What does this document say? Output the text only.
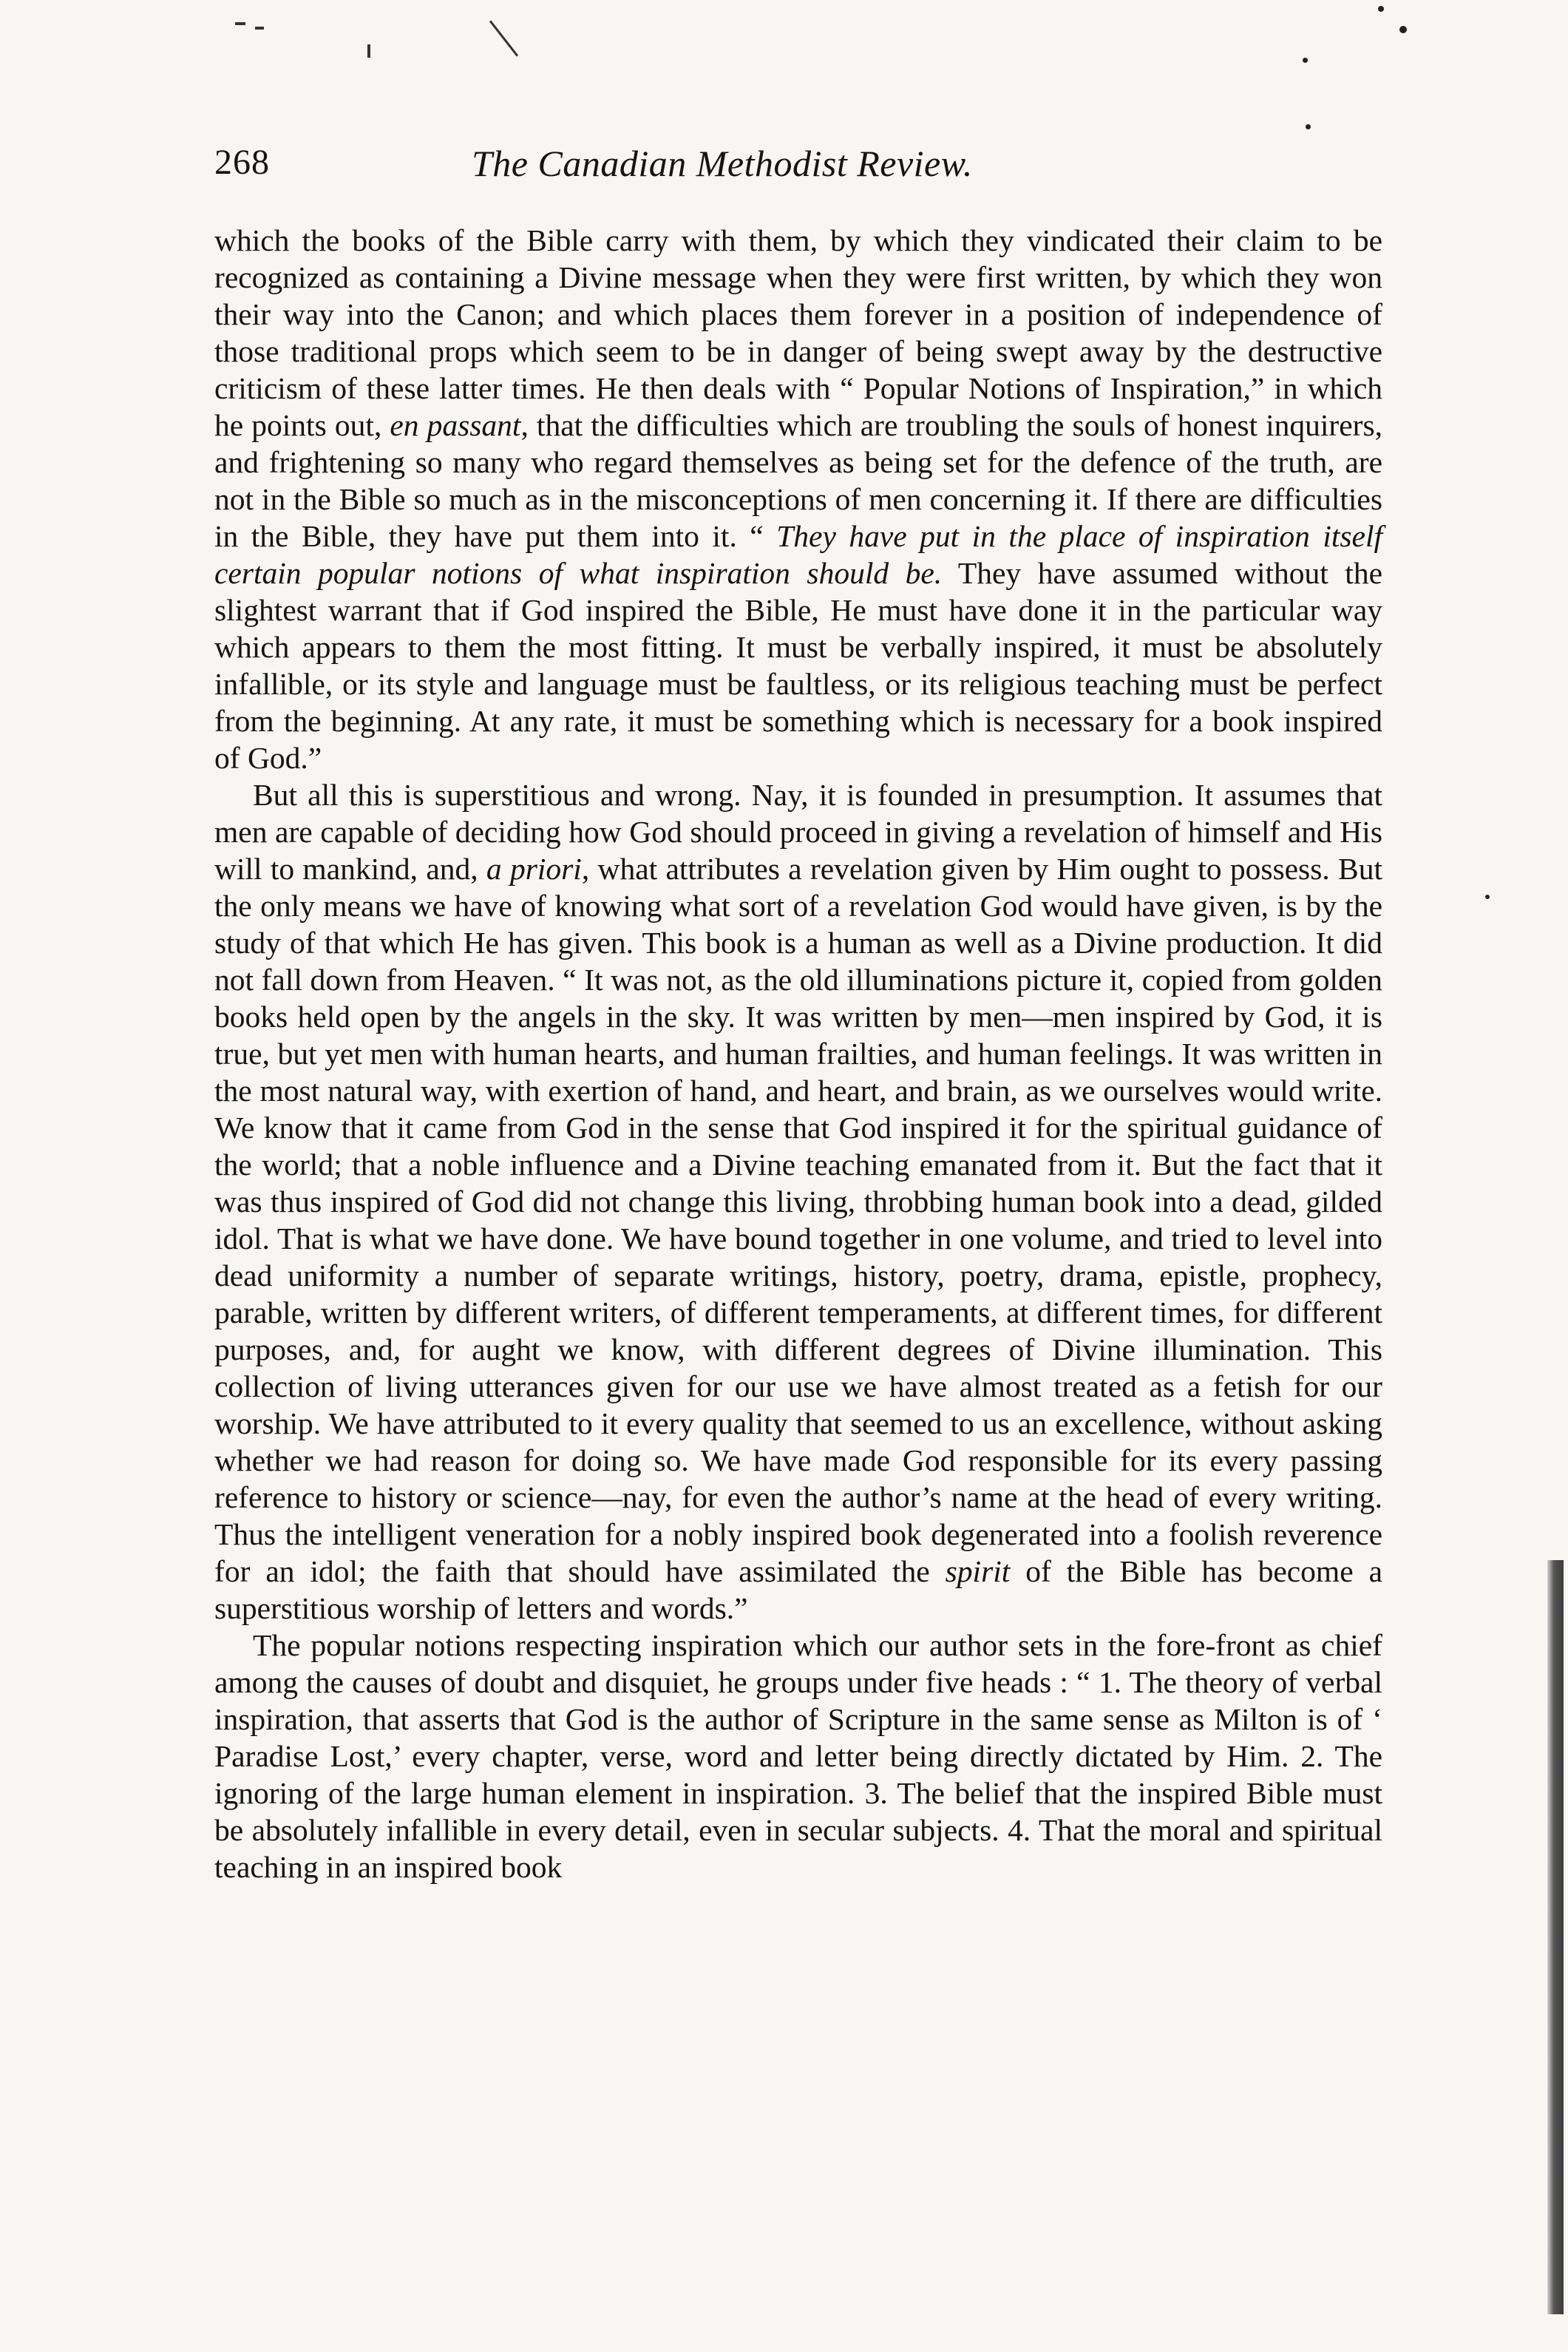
268	The Canadian Methodist Review.

which the books of the Bible carry with them, by which they vindicated their claim to be recognized as containing a Divine message when they were first written, by which they won their way into the Canon; and which places them forever in a position of independence of those traditional props which seem to be in danger of being swept away by the destructive criticism of these latter times. He then deals with “ Popular Notions of Inspiration,” in which he points out, en passant, that the difficulties which are troubling the souls of honest inquirers, and frightening so many who regard themselves as being set for the defence of the truth, are not in the Bible so much as in the misconceptions of men concerning it. If there are difficulties in the Bible, they have put them into it. “ They have put in the place of inspiration itself certain popular notions of what inspiration should be. They have assumed without the slightest warrant that if God inspired the Bible, He must have done it in the particular way which appears to them the most fitting. It must be verbally inspired, it must be absolutely infallible, or its style and language must be faultless, or its religious teaching must be perfect from the beginning. At any rate, it must be something which is necessary for a book inspired of God.”

But all this is superstitious and wrong. Nay, it is founded in presumption. It assumes that men are capable of deciding how God should proceed in giving a revelation of himself and His will to mankind, and, a priori, what attributes a revelation given by Him ought to possess. But the only means we have of knowing what sort of a revelation God would have given, is by the study of that which He has given. This book is a human as well as a Divine production. It did not fall down from Heaven. “ It was not, as the old illuminations picture it, copied from golden books held open by the angels in the sky. It was written by men—men inspired by God, it is true, but yet men with human hearts, and human frailties, and human feelings. It was written in the most natural way, with exertion of hand, and heart, and brain, as we ourselves would write. We know that it came from God in the sense that God inspired it for the spiritual guidance of the world; that a noble influence and a Divine teaching emanated from it. But the fact that it was thus inspired of God did not change this living, throbbing human book into a dead, gilded idol. That is what we have done. We have bound together in one volume, and tried to level into dead uniformity a number of separate writings, history, poetry, drama, epistle, prophecy, parable, written by different writers, of different temperaments, at different times, for different purposes, and, for aught we know, with different degrees of Divine illumination. This collection of living utterances given for our use we have almost treated as a fetish for our worship. We have attributed to it every quality that seemed to us an excellence, without asking whether we had reason for doing so. We have made God responsible for its every passing reference to history or science—nay, for even the author’s name at the head of every writing. Thus the intelligent veneration for a nobly inspired book degenerated into a foolish reverence for an idol; the faith that should have assimilated the spirit of the Bible has become a superstitious worship of letters and words.”

The popular notions respecting inspiration which our author sets in the fore-front as chief among the causes of doubt and disquiet, he groups under five heads : “ 1. The theory of verbal inspiration, that asserts that God is the author of Scripture in the same sense as Milton is of ‘ Paradise Lost,’ every chapter, verse, word and letter being directly dictated by Him. 2. The ignoring of the large human element in inspiration. 3. The belief that the inspired Bible must be absolutely infallible in every detail, even in secular subjects. 4. That the moral and spiritual teaching in an inspired book
